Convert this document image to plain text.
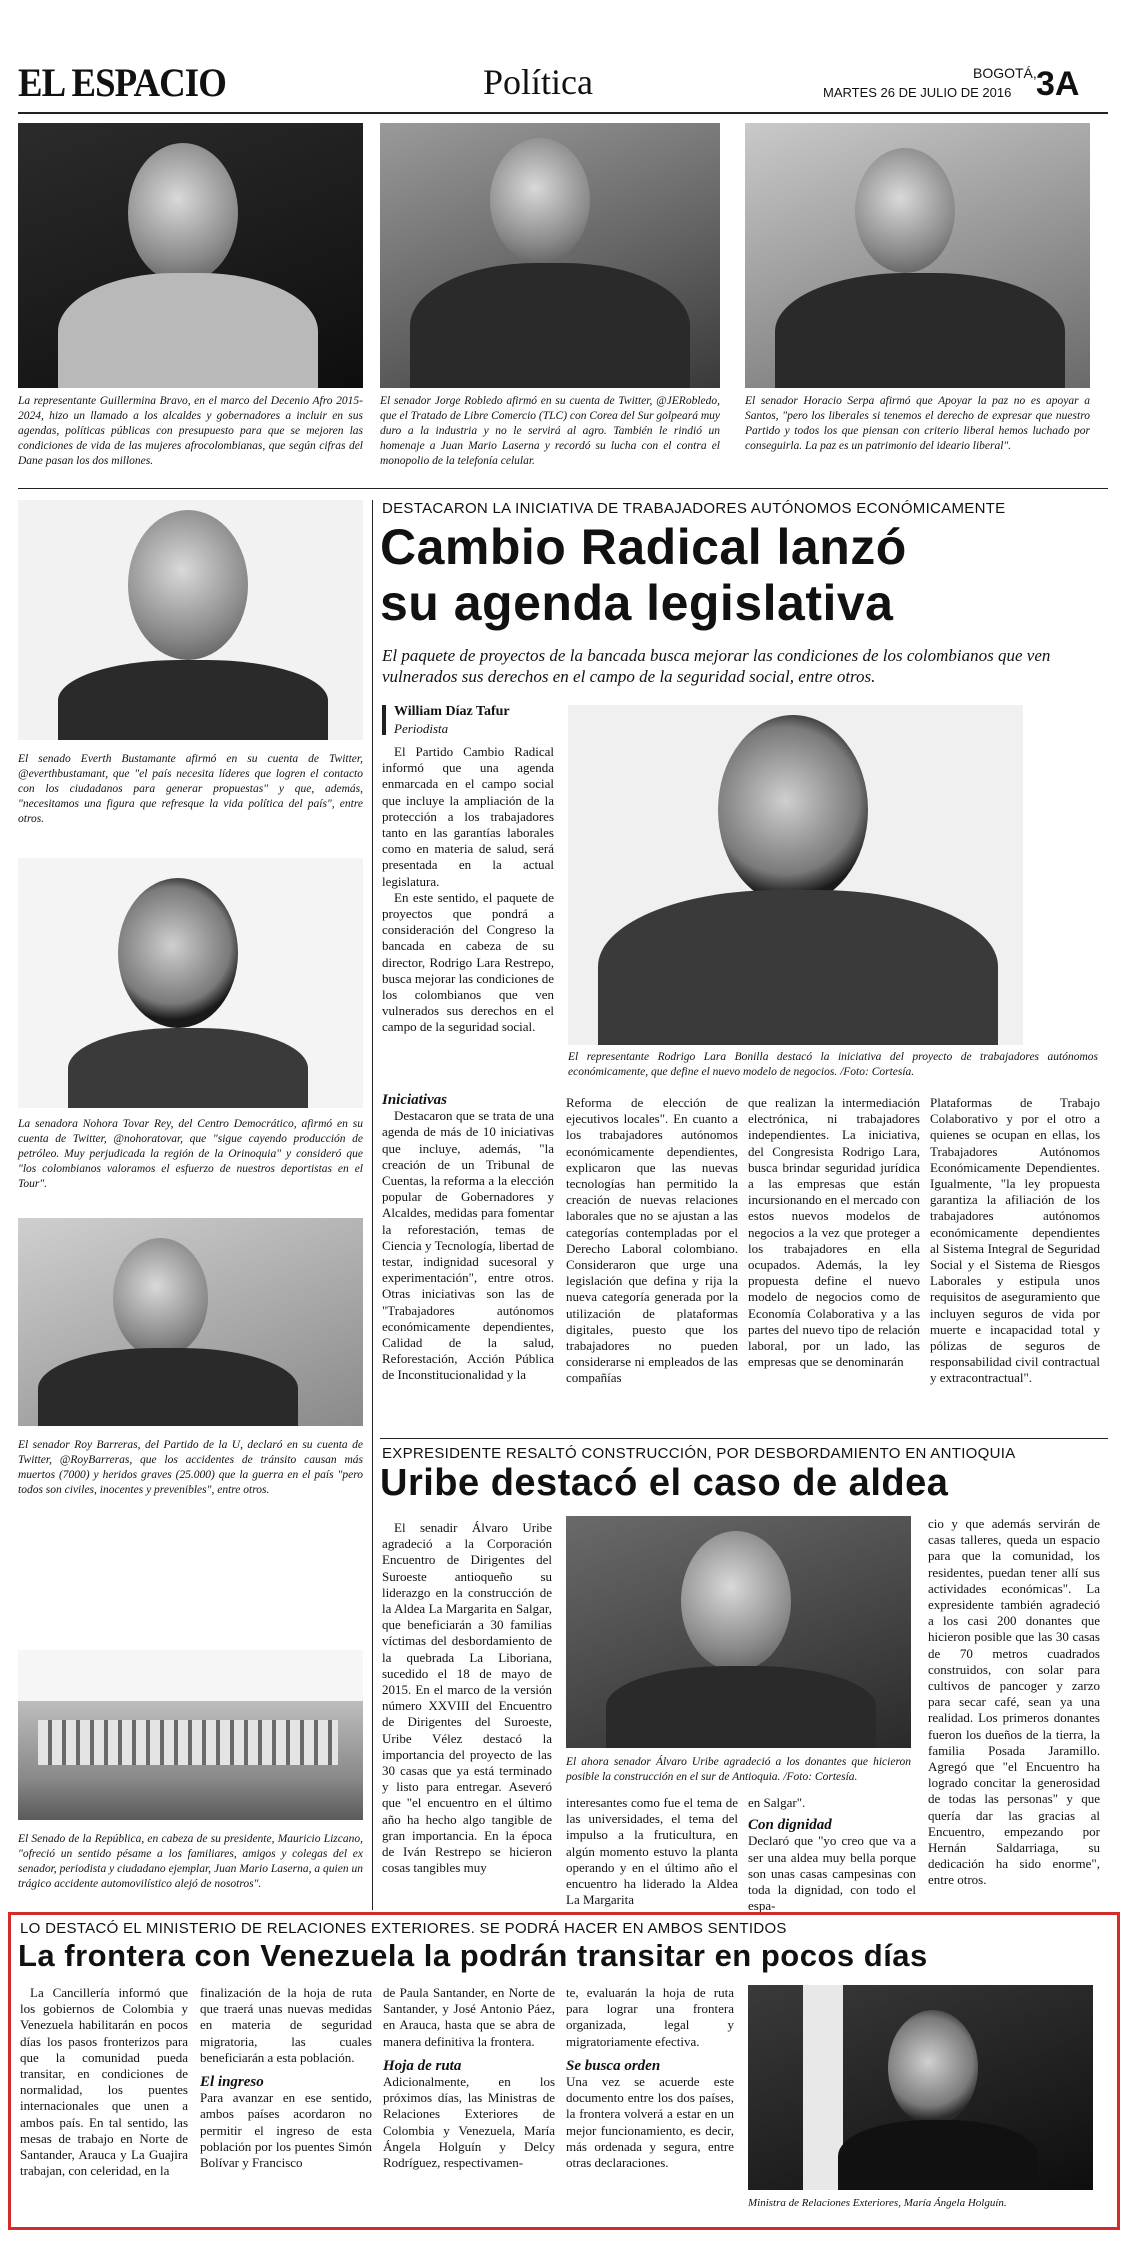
EL ESPACIO	Política	BOGOTÁ,
MARTES 26 DE JULIO DE 2016 3A
La representante Guillermina Bravo, en el marco del Decenio Afro 2015-2024, hizo un llamado a los alcaldes y gobernadores a incluir en sus agendas, políticas públicas con presupuesto para que se mejoren las condiciones de vida de las mujeres afrocolombianas, que según cifras del Dane pasan los dos millones.
El senador Jorge Robledo afirmó en su cuenta de Twitter, @JERobledo, que el Tratado de Libre Comercio (TLC) con Corea del Sur golpeará muy duro a la industria y no le servirá al agro. También le rindió un homenaje a Juan Mario Laserna y recordó su lucha con el contra el monopolio de la telefonía celular.
El senador Horacio Serpa afirmó que Apoyar la paz no es apoyar a Santos, "pero los liberales si tenemos el derecho de expresar que nuestro Partido y todos los que piensan con criterio liberal hemos luchado por conseguirla. La paz es un patrimonio del ideario liberal".
El senado Everth Bustamante afirmó en su cuenta de Twitter, @everthbustamant, que "el país necesita líderes que logren el contacto con los ciudadanos para generar propuestas" y que, además, "necesitamos una figura que refresque la vida política del país", entre otros.
La senadora Nohora Tovar Rey, del Centro Democrático, afirmó en su cuenta de Twitter, @nohoratovar, que "sigue cayendo producción de petróleo. Muy perjudicada la región de la Orinoquia" y consideró que "los colombianos valoramos el esfuerzo de nuestros deportistas en el Tour".
El senador Roy Barreras, del Partido de la U, declaró en su cuenta de Twitter, @RoyBarreras, que los accidentes de tránsito causan más muertos (7000) y heridos graves (25.000) que la guerra en el país "pero todos son civiles, inocentes y prevenibles", entre otros.
El Senado de la República, en cabeza de su presidente, Mauricio Lizcano, "ofreció un sentido pésame a los familiares, amigos y colegas del ex senador, periodista y ciudadano ejemplar, Juan Mario Laserna, a quien un trágico accidente automovilístico alejó de nosotros".
DESTACARON LA INICIATIVA DE TRABAJADORES AUTÓNOMOS ECONÓMICAMENTE
Cambio Radical lanzó
su agenda legislativa
El paquete de proyectos de la bancada busca mejorar las condiciones de los colombianos que ven vulnerados sus derechos en el campo de la seguridad social, entre otros.
William Díaz Tafur
Periodista

El Partido Cambio Radical informó que una agenda enmarcada en el campo social que incluye la ampliación de la protección a los trabajadores tanto en las garantías laborales como en materia de salud, será presentada en la actual legislatura.

En este sentido, el paquete de proyectos que pondrá a consideración del Congreso la bancada en cabeza de su director, Rodrigo Lara Restrepo, busca mejorar las condiciones de los colombianos que ven vulnerados sus derechos en el campo de la seguridad social.

El representante Rodrigo Lara Bonilla destacó la iniciativa del proyecto de trabajadores autónomos económicamente, que define el nuevo modelo de negocios. /Foto: Cortesía.

Iniciativas

Destacaron que se trata de una agenda de más de 10 iniciativas que incluye, además, "la creación de un Tribunal de Cuentas, la reforma a la elección popular de Gobernadores y Alcaldes, medidas para fomentar la reforestación, temas de Ciencia y Tecnología, libertad de testar, indignidad sucesoral y experimentación", entre otros. Otras iniciativas son las de "Trabajadores autónomos económicamente dependientes, Calidad de la salud, Reforestación, Acción Pública de Inconstitucionalidad y la

Reforma de elección de ejecutivos locales". En cuanto a los trabajadores autónomos económicamente dependientes, explicaron que las nuevas tecnologías han permitido la creación de nuevas relaciones laborales que no se ajustan a las categorías contempladas por el Derecho Laboral colombiano. Consideraron que urge una legislación que defina y rija la nueva categoría generada por la utilización de plataformas digitales, puesto que los trabajadores no pueden considerarse ni empleados de las compañías

que realizan la intermediación electrónica, ni trabajadores independientes. La iniciativa, del Congresista Rodrigo Lara, busca brindar seguridad jurídica a las empresas que están incursionando en el mercado con estos nuevos modelos de negocios a la vez que proteger a los trabajadores en ella ocupados. Además, la ley propuesta define el nuevo modelo de negocios como de Economía Colaborativa y a las partes del nuevo tipo de relación laboral, por un lado, las empresas que se denominarán

Plataformas de Trabajo Colaborativo y por el otro a quienes se ocupan en ellas, los Trabajadores Autónomos Económicamente Dependientes. Igualmente, "la ley propuesta garantiza la afiliación de los trabajadores autónomos económicamente dependientes al Sistema Integral de Seguridad Social y el Sistema de Riesgos Laborales y estipula unos requisitos de aseguramiento que incluyen seguros de vida por muerte e incapacidad total y pólizas de seguros de responsabilidad civil contractual y extracontractual".

EXPRESIDENTE RESALTÓ CONSTRUCCIÓN, POR DESBORDAMIENTO EN ANTIOQUIA
Uribe destacó el caso de aldea

El senadir Álvaro Uribe agradeció a la Corporación Encuentro de Dirigentes del Suroeste antioqueño su liderazgo en la construcción de la Aldea La Margarita en Salgar, que beneficiarán a 30 familias víctimas del desbordamiento de la quebrada La Liboriana, sucedido el 18 de mayo de 2015. En el marco de la versión número XXVIII del Encuentro de Dirigentes del Suroeste, Uribe Vélez destacó la importancia del proyecto de las 30 casas que ya está terminado y listo para entregar. Aseveró que "el encuentro en el último año ha hecho algo tangible de gran importancia. En la época de Iván Restrepo se hicieron cosas tangibles muy

El ahora senador Álvaro Uribe agradeció a los donantes que hicieron posible la construcción en el sur de Antioquia. /Foto: Cortesía.

interesantes como fue el tema de las universidades, el tema del impulso a la fruticultura, en algún momento estuvo la planta operando y en el último año el encuentro ha liderado la Aldea La Margarita

en Salgar".

Con dignidad

Declaró que "yo creo que va a ser una aldea muy bella porque son unas casas campesinas con toda la dignidad, con todo el espa-

cio y que además servirán de casas talleres, queda un espacio para que la comunidad, los residentes, puedan tener allí sus actividades económicas". La expresidente también agradeció a los casi 200 donantes que hicieron posible que las 30 casas de 70 metros cuadrados construidos, con solar para cultivos de pancoger y zarzo para secar café, sean ya una realidad. Los primeros donantes fueron los dueños de la tierra, la familia Posada Jaramillo. Agregó que "el Encuentro ha logrado concitar la generosidad de todas las personas" y que quería dar las gracias al Encuentro, empezando por Hernán Saldarriaga, su dedicación ha sido enorme", entre otros.

LO DESTACÓ EL MINISTERIO DE RELACIONES EXTERIORES. SE PODRÁ HACER EN AMBOS SENTIDOS
La frontera con Venezuela la podrán transitar en pocos días

La Cancillería informó que los gobiernos de Colombia y Venezuela habilitarán en pocos días los pasos fronterizos para que la comunidad pueda transitar, en condiciones de normalidad, los puentes internacionales que unen a ambos país. En tal sentido, las mesas de trabajo en Norte de Santander, Arauca y La Guajira trabajan, con celeridad, en la

finalización de la hoja de ruta que traerá unas nuevas medidas en materia de seguridad migratoria, las cuales beneficiarán a esta población.

El ingreso

Para avanzar en ese sentido, ambos países acordaron no permitir el ingreso de esta población por los puentes Simón Bolívar y Francisco

de Paula Santander, en Norte de Santander, y José Antonio Páez, en Arauca, hasta que se abra de manera definitiva la frontera.

Hoja de ruta

Adicionalmente, en los próximos días, las Ministras de Relaciones Exteriores de Colombia y Venezuela, María Ángela Holguín y Delcy Rodríguez, respectivamen-

te, evaluarán la hoja de ruta para lograr una frontera organizada, legal y migratoriamente efectiva.

Se busca orden

Una vez se acuerde este documento entre los dos países, la frontera volverá a estar en un mejor funcionamiento, es decir, más ordenada y segura, entre otras declaraciones.

Ministra de Relaciones Exteriores, María Ángela Holguín.
